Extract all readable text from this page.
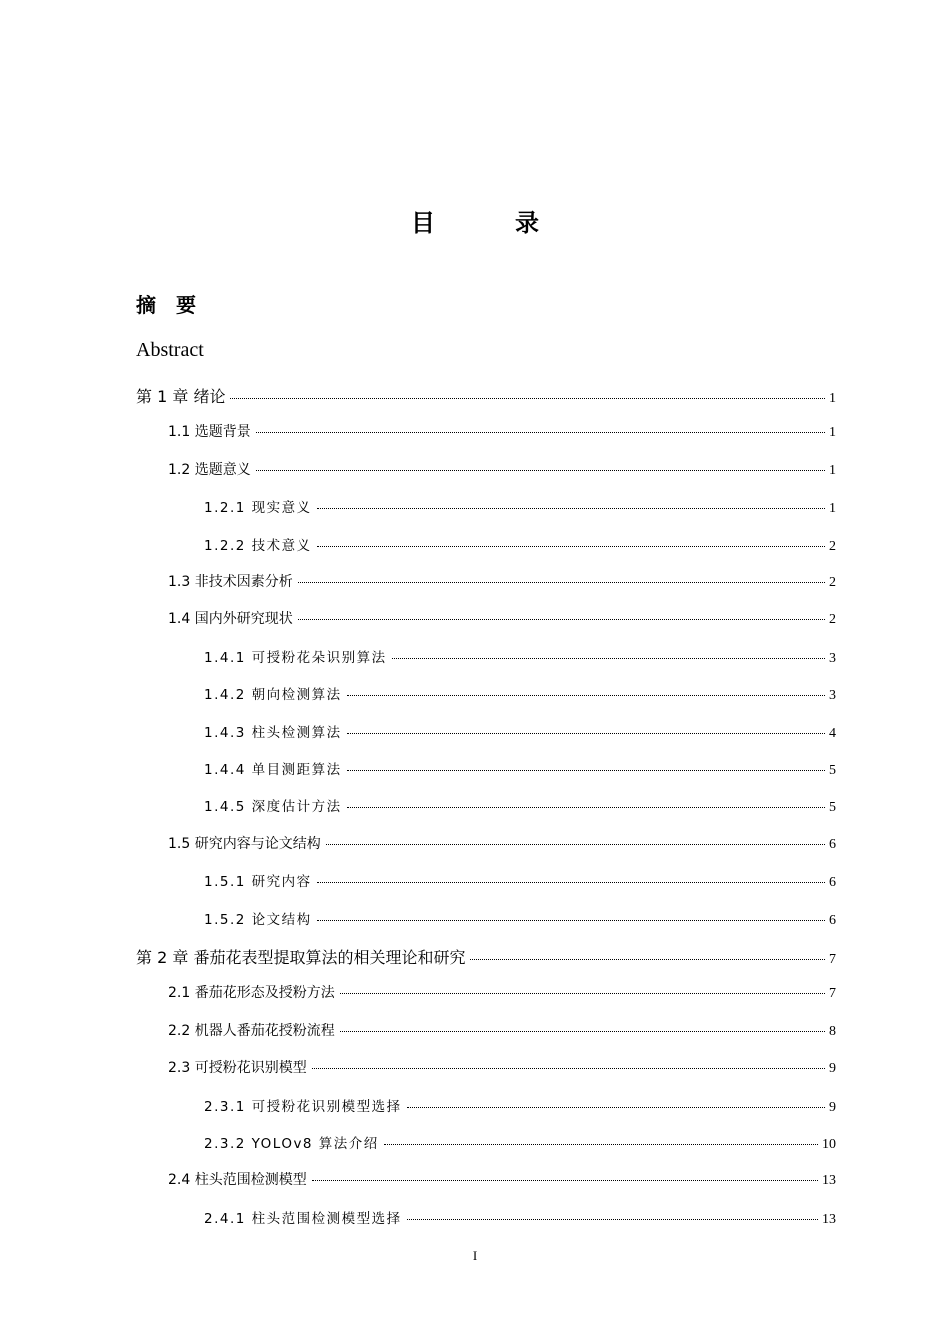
目　录
摘要
Abstract
第 1 章 绪论	1
1.1 选题背景	1
1.2 选题意义	1
1.2.1 现实意义	1
1.2.2 技术意义	2
1.3 非技术因素分析	2
1.4 国内外研究现状	2
1.4.1 可授粉花朵识别算法	3
1.4.2 朝向检测算法	3
1.4.3 柱头检测算法	4
1.4.4 单目测距算法	5
1.4.5 深度估计方法	5
1.5 研究内容与论文结构	6
1.5.1 研究内容	6
1.5.2 论文结构	6
第 2 章 番茄花表型提取算法的相关理论和研究	7
2.1 番茄花形态及授粉方法	7
2.2 机器人番茄花授粉流程	8
2.3 可授粉花识别模型	9
2.3.1 可授粉花识别模型选择	9
2.3.2 YOLOv8 算法介绍	10
2.4 柱头范围检测模型	13
2.4.1 柱头范围检测模型选择	13
I
